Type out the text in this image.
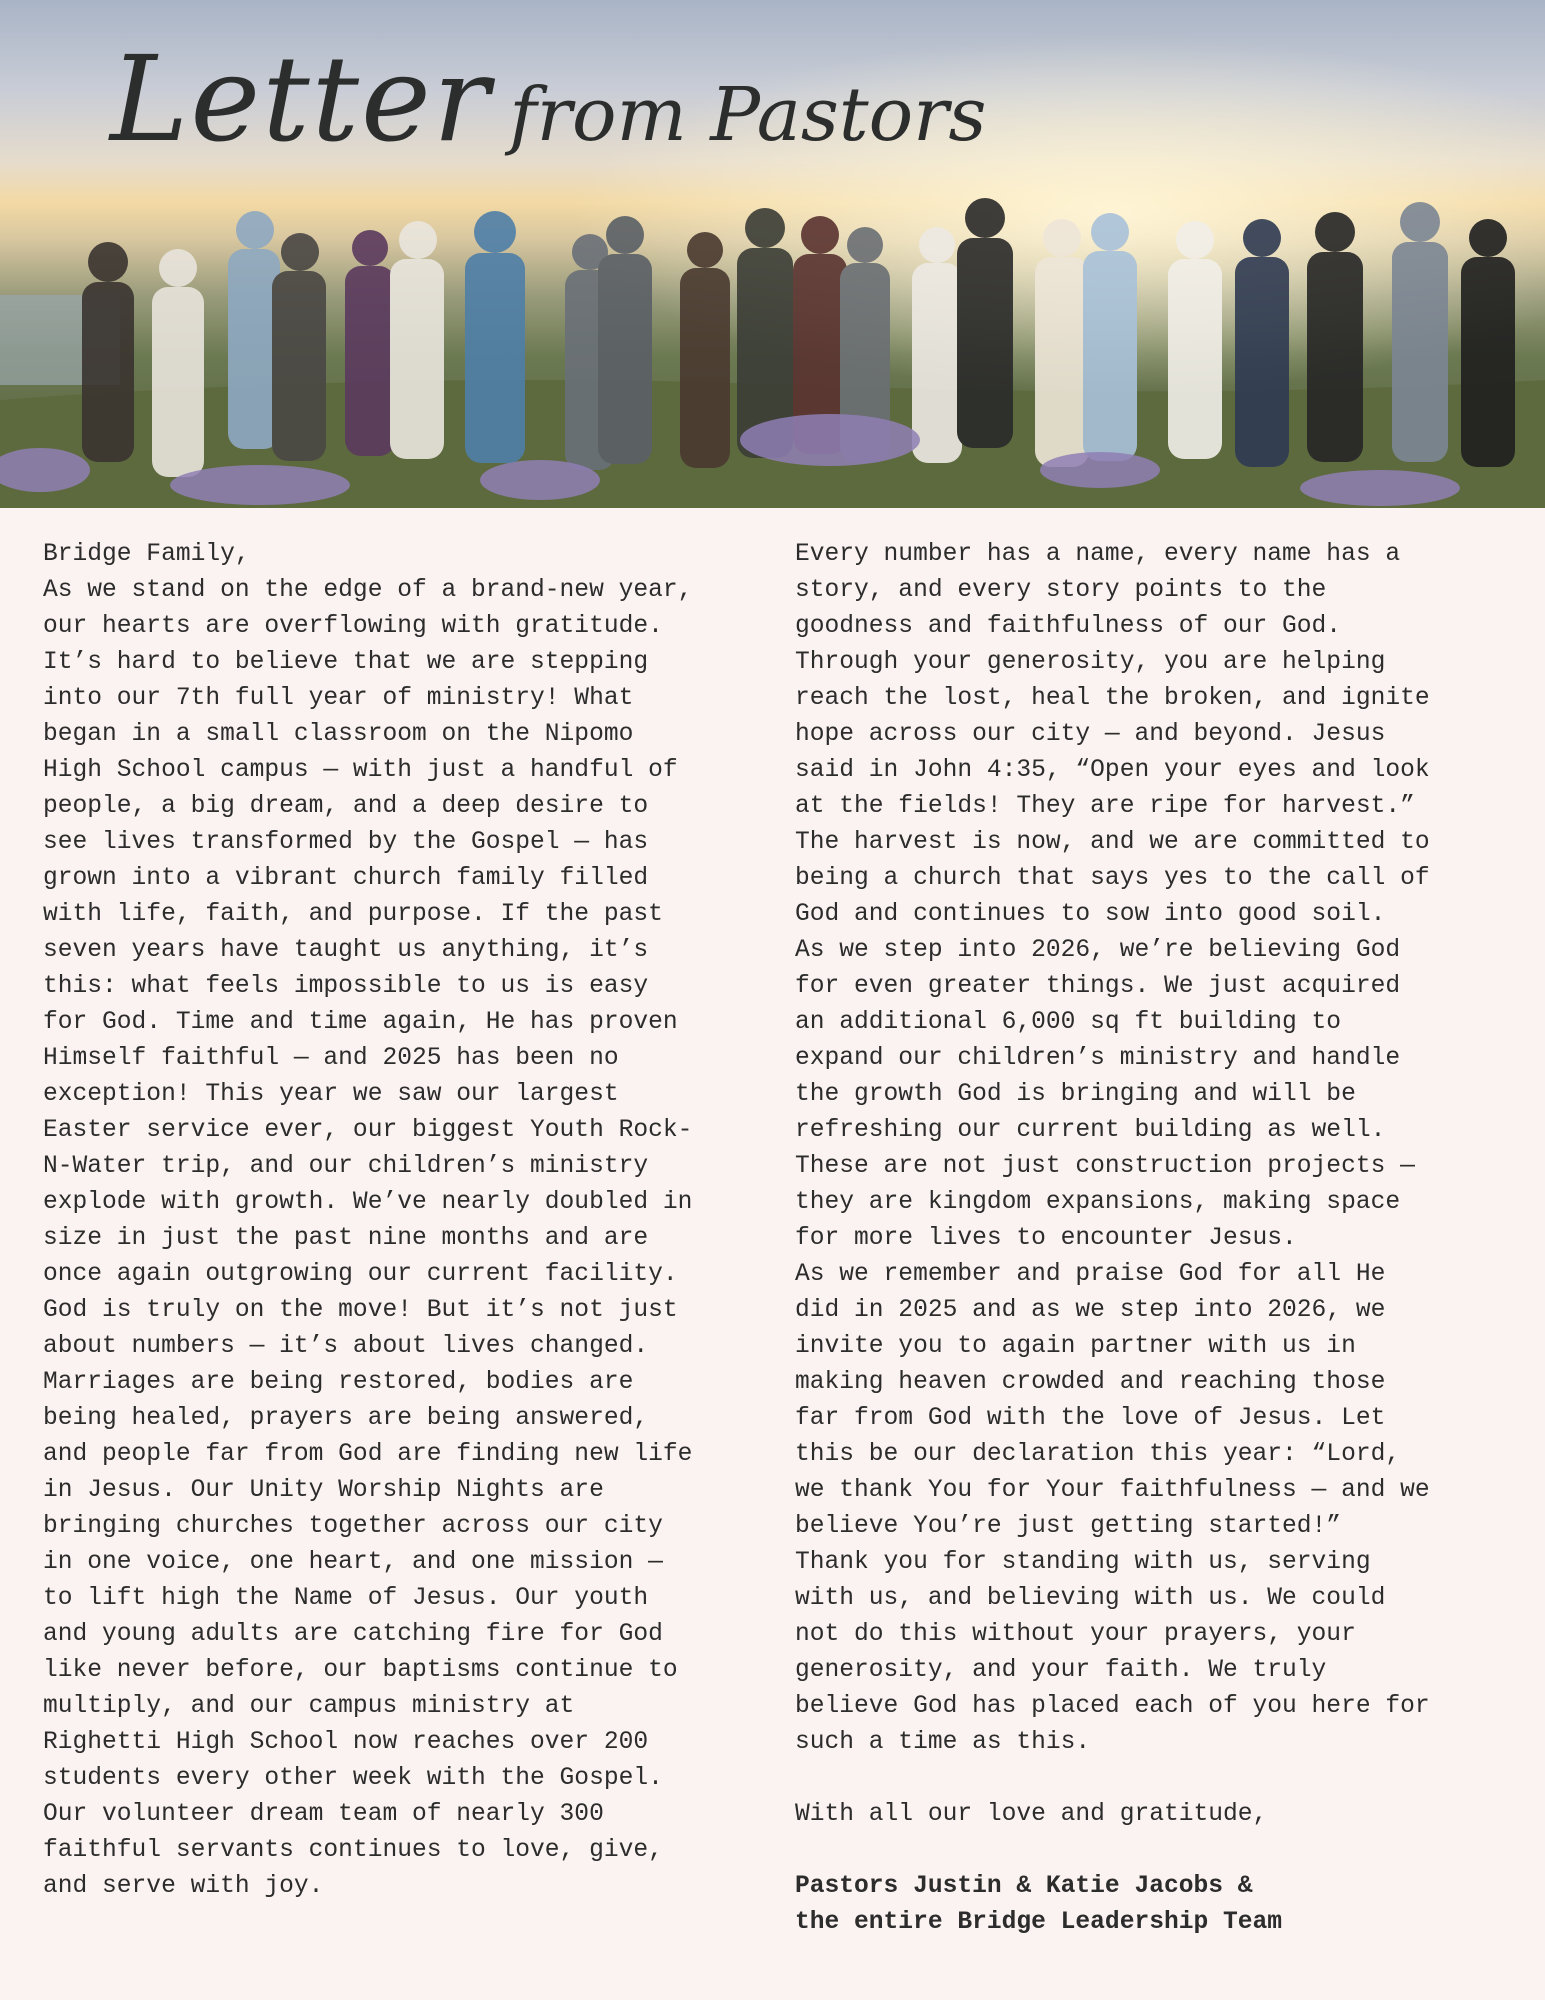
Letter from Pastors
Bridge Family,
As we stand on the edge of a brand-new year,
our hearts are overflowing with gratitude.
It’s hard to believe that we are stepping
into our 7th full year of ministry! What
began in a small classroom on the Nipomo
High School campus — with just a handful of
people, a big dream, and a deep desire to
see lives transformed by the Gospel — has
grown into a vibrant church family filled
with life, faith, and purpose. If the past
seven years have taught us anything, it’s
this: what feels impossible to us is easy
for God. Time and time again, He has proven
Himself faithful — and 2025 has been no
exception! This year we saw our largest
Easter service ever, our biggest Youth Rock-
N-Water trip, and our children’s ministry
explode with growth. We’ve nearly doubled in
size in just the past nine months and are
once again outgrowing our current facility.
God is truly on the move! But it’s not just
about numbers — it’s about lives changed.
Marriages are being restored, bodies are
being healed, prayers are being answered,
and people far from God are finding new life
in Jesus. Our Unity Worship Nights are
bringing churches together across our city
in one voice, one heart, and one mission —
to lift high the Name of Jesus. Our youth
and young adults are catching fire for God
like never before, our baptisms continue to
multiply, and our campus ministry at
Righetti High School now reaches over 200
students every other week with the Gospel.
Our volunteer dream team of nearly 300
faithful servants continues to love, give,
and serve with joy.
Every number has a name, every name has a
story, and every story points to the
goodness and faithfulness of our God.
Through your generosity, you are helping
reach the lost, heal the broken, and ignite
hope across our city — and beyond. Jesus
said in John 4:35, “Open your eyes and look
at the fields! They are ripe for harvest.”
The harvest is now, and we are committed to
being a church that says yes to the call of
God and continues to sow into good soil.
As we step into 2026, we’re believing God
for even greater things. We just acquired
an additional 6,000 sq ft building to
expand our children’s ministry and handle
the growth God is bringing and will be
refreshing our current building as well.
These are not just construction projects —
they are kingdom expansions, making space
for more lives to encounter Jesus.
As we remember and praise God for all He
did in 2025 and as we step into 2026, we
invite you to again partner with us in
making heaven crowded and reaching those
far from God with the love of Jesus. Let
this be our declaration this year: “Lord,
we thank You for Your faithfulness — and we
believe You’re just getting started!”
Thank you for standing with us, serving
with us, and believing with us. We could
not do this without your prayers, your
generosity, and your faith. We truly
believe God has placed each of you here for
such a time as this.
With all our love and gratitude,
Pastors Justin & Katie Jacobs &
the entire Bridge Leadership Team
